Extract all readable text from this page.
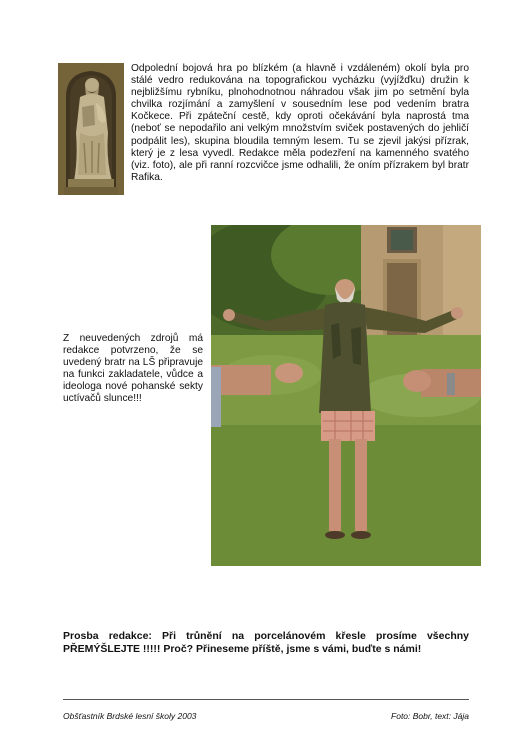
Odpolední bojová hra po blízkém (a hlavně i vzdáleném) okolí byla pro stálé vedro redukována na topografickou vycházku (vyjížďku) družin k nejbližšímu rybníku, plnohodnotnou náhradou však jim po setmění byla chvilka rozjímání a zamyšlení v sousedním lese pod vedením bratra Kočkece. Při zpáteční cestě, kdy oproti očekávání byla naprostá tma (neboť se nepodařilo ani velkým množstvím sviček postavených do jehličí podpálit les), skupina bloudila temným lesem. Tu se zjevil jakýsi přízrak, který je z lesa vyvedl. Redakce měla podezření na kamenného svatého (viz. foto), ale při ranní rozcvičce jsme odhalili, že oním přízrakem byl bratr Rafika.

Z neuvedených zdrojů má redakce potvrzeno, že se uvedený bratr na LŠ připravuje na funkci zakladatele, vůdce a ideologa nové pohanské sekty uctívačů slunce!!!

Prosba redakce: Při trůnění na porcelánovém křesle prosíme všechny PŘEMÝŠLEJTE !!!!! Proč? Přineseme příště, jsme s vámi, buďte s námi!

Obšťastník Brdské lesní školy 2003	Foto: Bobr, text: Jája
